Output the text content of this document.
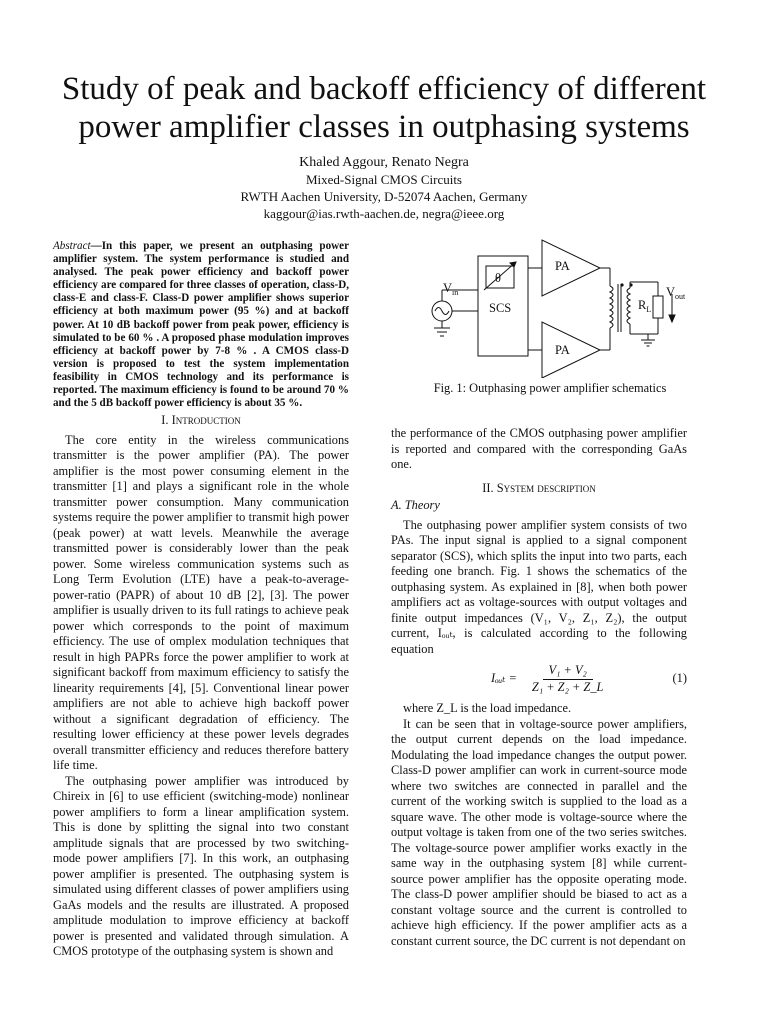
Study of peak and backoff efficiency of different
power amplifier classes in outphasing systems
Khaled Aggour, Renato Negra
Mixed-Signal CMOS Circuits
RWTH Aachen University, D-52074 Aachen, Germany
kaggour@ias.rwth-aachen.de, negra@ieee.org
Abstract—In this paper, we present an outphasing power amplifier system. The system performance is studied and analysed. The peak power efficiency and backoff power efficiency are compared for three classes of operation, class-D, class-E and class-F. Class-D power amplifier shows superior efficiency at both maximum power (95 %) and at backoff power. At 10 dB backoff power from peak power, efficiency is simulated to be 60 % . A proposed phase modulation improves efficiency at backoff power by 7-8 % . A CMOS class-D version is proposed to test the system implementation feasibility in CMOS technology and its performance is reported. The maximum efficiency is found to be around 70 % and the 5 dB backoff power efficiency is about 35 %.
I. Introduction

The core entity in the wireless communications transmitter is the power amplifier (PA). The power amplifier is the most power consuming element in the transmitter [1] and plays a significant role in the whole transmitter power consumption. Many communication systems require the power amplifier to transmit high power (peak power) at watt levels. Meanwhile the average transmitted power is considerably lower than the peak power. Some wireless communication systems such as Long Term Evolution (LTE) have a peak-to-average-power-ratio (PAPR) of about 10 dB [2], [3]. The power amplifier is usually driven to its full ratings to achieve peak power which corresponds to the point of maximum efficiency. The use of omplex modulation techniques that result in high PAPRs force the power amplifier to work at significant backoff from maximum efficiency to satisfy the linearity requirements [4], [5]. Conventional linear power amplifiers are not able to achieve high backoff power without a significant degradation of efficiency. The resulting lower efficiency at these power levels degrades overall transmitter efficiency and reduces therefore battery life time.

The outphasing power amplifier was introduced by Chireix in [6] to use efficient (switching-mode) nonlinear power amplifiers to form a linear amplification system. This is done by splitting the signal into two constant amplitude signals that are processed by two switching-mode power amplifiers [7]. In this work, an outphasing power amplifier is presented. The outphasing system is simulated using different classes of power amplifiers using GaAs models and the results are illustrated. A proposed amplitude modulation to improve efficiency at backoff power is presented and validated through simulation. A CMOS prototype of the outphasing system is shown and

PA
PA
θ
SCS
$V_{in}$
$R_L$
$V_{out}$
Fig. 1: Outphasing power amplifier schematics

the performance of the CMOS outphasing power amplifier is reported and compared with the corresponding GaAs one.

II. System description
A. Theory

The outphasing power amplifier system consists of two PAs. The input signal is applied to a signal component separator (SCS), which splits the input into two parts, each feeding one branch. Fig. 1 shows the schematics of the outphasing system. As explained in [8], when both power amplifiers act as voltage-sources with output voltages and finite output impedances (V₁, V₂, Z₁, Z₂), the output current, Iₒᵤₜ, is calculated according to the following equation

Iₒᵤₜ = $\frac{\text{V₁ + V₂}}{\text{Z₁ + Z₂ + Z\_L}}$	(1)

where Z_L is the load impedance.

It can be seen that in voltage-source power amplifiers, the output current depends on the load impedance. Modulating the load impedance changes the output power. Class-D power amplifier can work in current-source mode where two switches are connected in parallel and the current of the working switch is supplied to the load as a square wave. The other mode is voltage-source where the output voltage is taken from one of the two series switches. The voltage-source power amplifier works exactly in the same way in the outphasing system [8] while current-source power amplifier has the opposite operating mode. The class-D power amplifier should be biased to act as a constant voltage source and the current is controlled to achieve high efficiency. If the power amplifier acts as a constant current source, the DC current is not dependant on
